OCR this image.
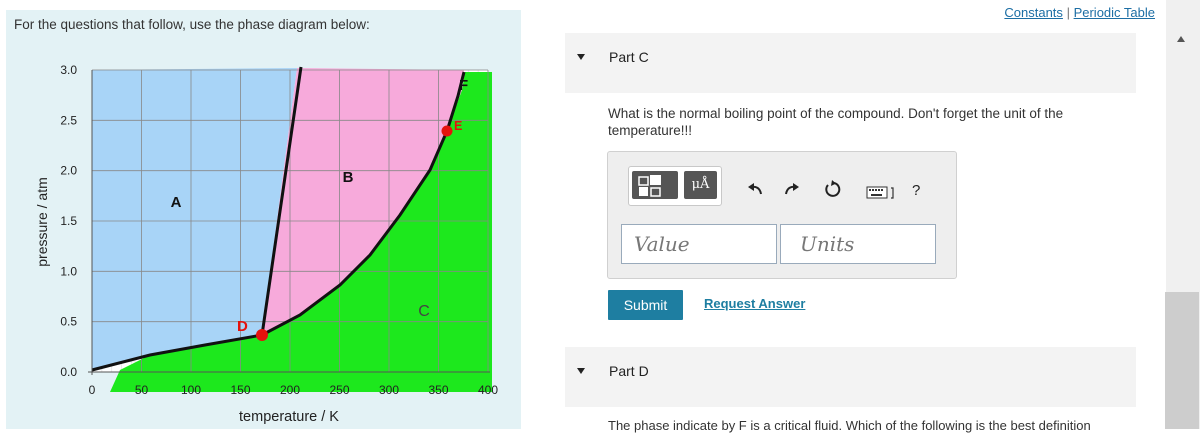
For the questions that follow, use the phase diagram below:
3.0
2.5
2.0
1.5
1.0
0.5
0.0
0	50	100 150 200 250 300 350 400
pressure / atm
temperature / K
A
B
C
D
E
F
Constants | Periodic Table
Part C
What is the normal boiling point of the compound. Don't forget the unit of the temperature!!!
μÅ	?
Value
Units
Submit	Request Answer
Part D
The phase indicate by F is a critical fluid. Which of the following is the best definition
